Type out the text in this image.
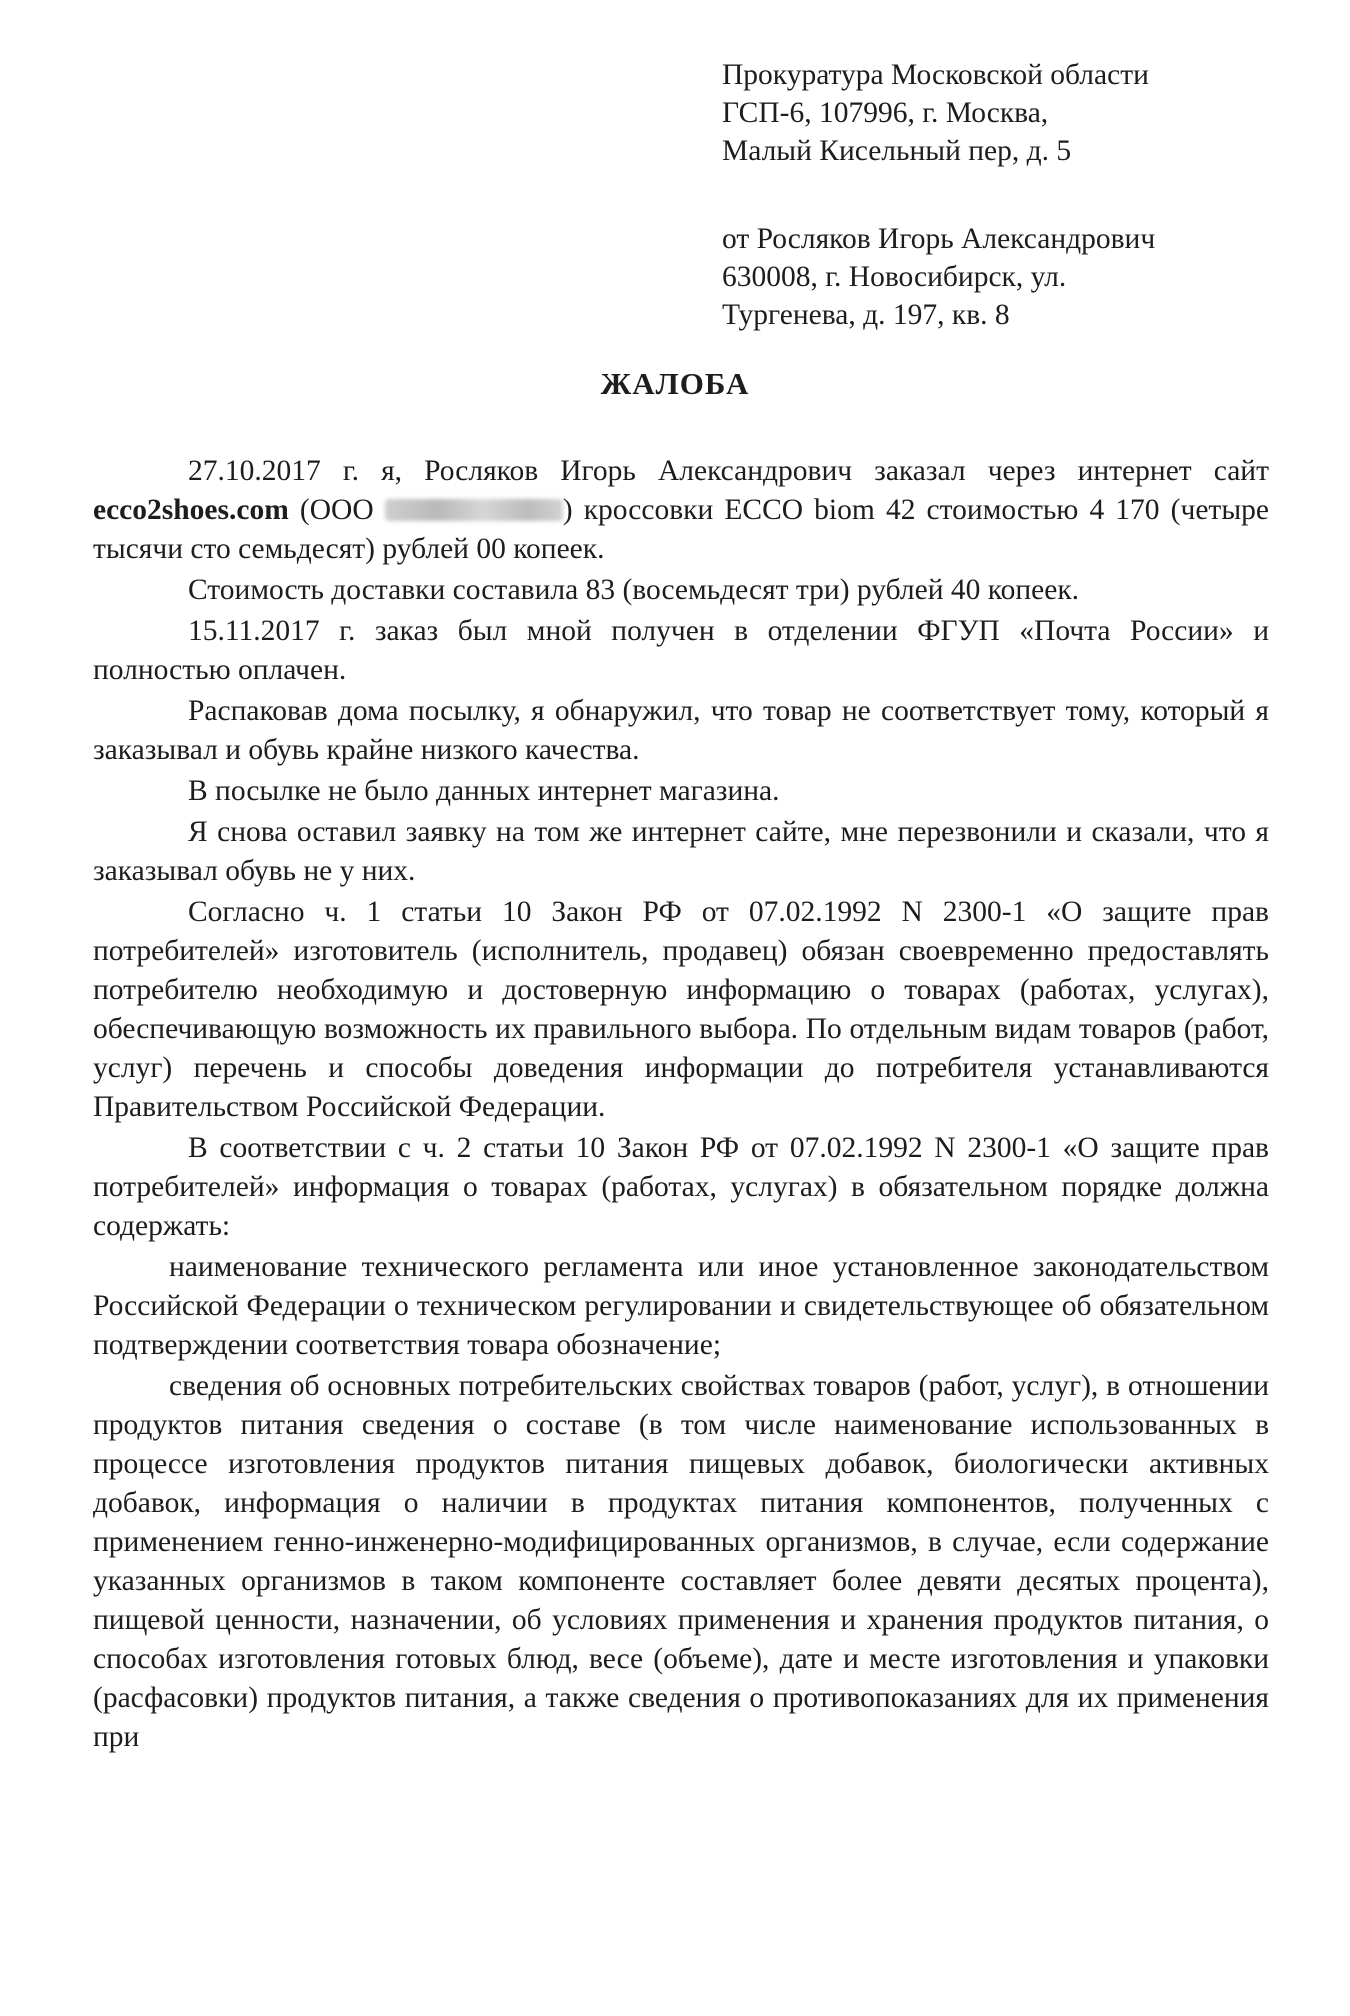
Прокуратура Московской области
ГСП-6, 107996, г. Москва,
Малый Кисельный пер, д. 5
от Росляков Игорь Александрович
630008, г. Новосибирск, ул.
Тургенева, д. 197, кв. 8
ЖАЛОБА

27.10.2017 г. я, Росляков Игорь Александрович заказал через интернет сайт ecco2shoes.com (ООО	) кроссовки ECCO biom 42 стоимостью 4 170 (четыре тысячи сто семьдесят) рублей 00 копеек.

Стоимость доставки составила 83 (восемьдесят три) рублей 40 копеек.

15.11.2017 г. заказ был мной получен в отделении ФГУП «Почта России» и полностью оплачен.

Распаковав дома посылку, я обнаружил, что товар не соответствует тому, который я заказывал и обувь крайне низкого качества.

В посылке не было данных интернет магазина.

Я снова оставил заявку на том же интернет сайте, мне перезвонили и сказали, что я заказывал обувь не у них.

Согласно ч. 1 статьи 10 Закон РФ от 07.02.1992 N 2300-1 «О защите прав потребителей» изготовитель (исполнитель, продавец) обязан своевременно предоставлять потребителю необходимую и достоверную информацию о товарах (работах, услугах), обеспечивающую возможность их правильного выбора. По отдельным видам товаров (работ, услуг) перечень и способы доведения информации до потребителя устанавливаются Правительством Российской Федерации.

В соответствии с ч. 2 статьи 10 Закон РФ от 07.02.1992 N 2300-1 «О защите прав потребителей» информация о товарах (работах, услугах) в обязательном порядке должна содержать:

наименование технического регламента или иное установленное законодательством Российской Федерации о техническом регулировании и свидетельствующее об обязательном подтверждении соответствия товара обозначение;

сведения об основных потребительских свойствах товаров (работ, услуг), в отношении продуктов питания сведения о составе (в том числе наименование использованных в процессе изготовления продуктов питания пищевых добавок, биологически активных добавок, информация о наличии в продуктах питания компонентов, полученных с применением генно-инженерно-модифицированных организмов, в случае, если содержание указанных организмов в таком компоненте составляет более девяти десятых процента), пищевой ценности, назначении, об условиях применения и хранения продуктов питания, о способах изготовления готовых блюд, весе (объеме), дате и месте изготовления и упаковки (расфасовки) продуктов питания, а также сведения о противопоказаниях для их применения при
